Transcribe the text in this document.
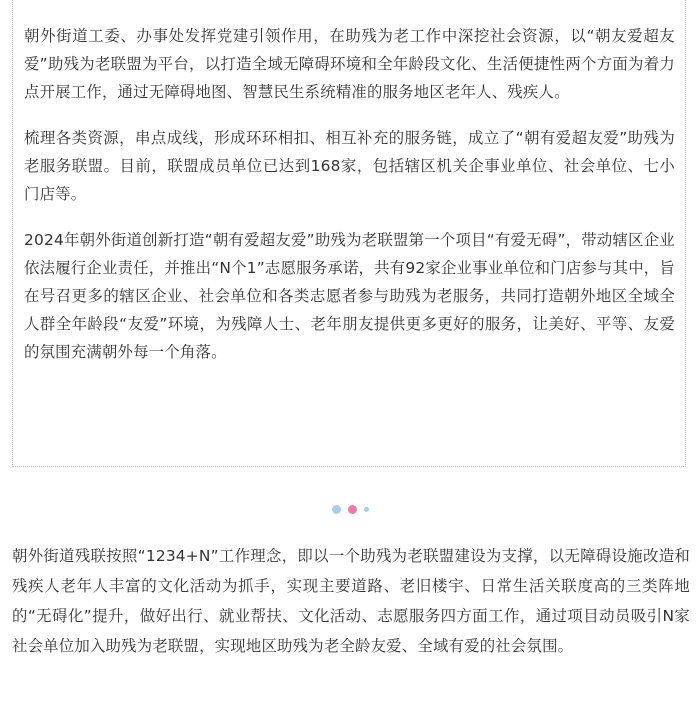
朝外街道工委、办事处发挥党建引领作用，在助残为老工作中深挖社会资源，以“朝友爱超友爱”助残为老联盟为平台，以打造全域无障碍环境和全年龄段文化、生活便捷性两个方面为着力点开展工作，通过无障碍地图、智慧民生系统精准的服务地区老年人、残疾人。

梳理各类资源，串点成线，形成环环相扣、相互补充的服务链，成立了“朝有爱超友爱”助残为老服务联盟。目前，联盟成员单位已达到168家，包括辖区机关企事业单位、社会单位、七小门店等。

2024年朝外街道创新打造“朝有爱超友爱”助残为老联盟第一个项目“有爱无碍”，带动辖区企业依法履行企业责任，并推出“N个1”志愿服务承诺，共有92家企业事业单位和门店参与其中，旨在号召更多的辖区企业、社会单位和各类志愿者参与助残为老服务，共同打造朝外地区全域全人群全年龄段“友爱”环境，为残障人士、老年朋友提供更多更好的服务，让美好、平等、友爱的氛围充满朝外每一个角落。

朝外街道残联按照“1234+N”工作理念，即以一个助残为老联盟建设为支撑，以无障碍设施改造和残疾人老年人丰富的文化活动为抓手，实现主要道路、老旧楼宇、日常生活关联度高的三类阵地的“无碍化”提升，做好出行、就业帮扶、文化活动、志愿服务四方面工作，通过项目动员吸引N家社会单位加入助残为老联盟，实现地区助残为老全龄友爱、全域有爱的社会氛围。
